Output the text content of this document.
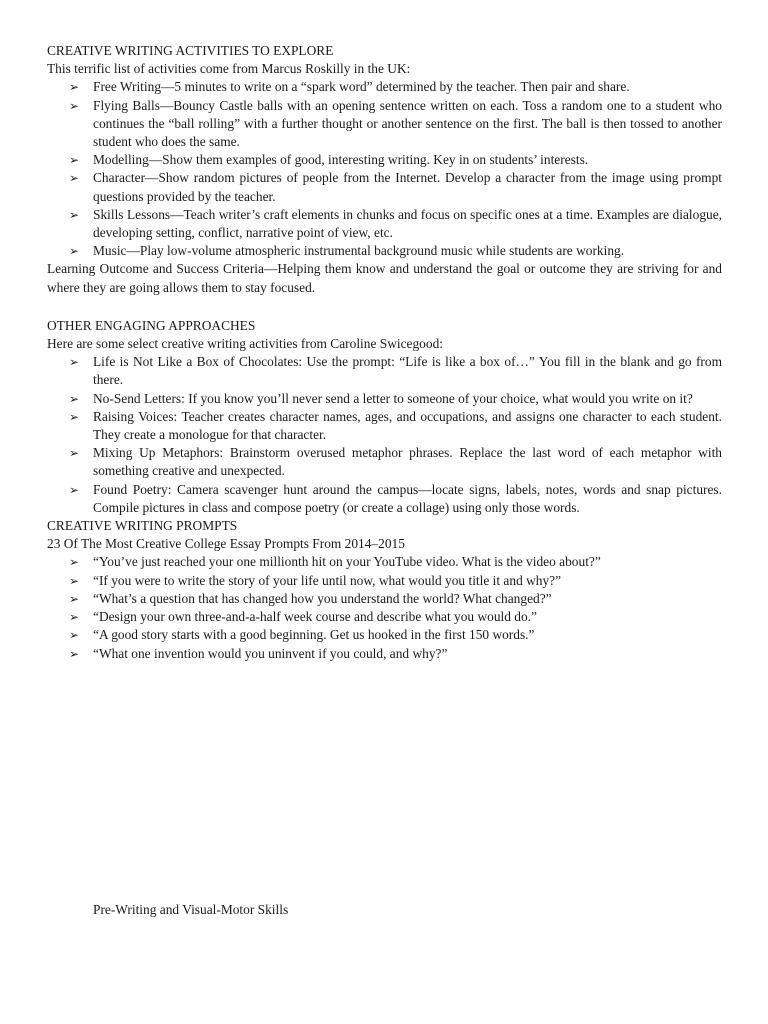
CREATIVE WRITING ACTIVITIES TO EXPLORE

This terrific list of activities come from Marcus Roskilly in the UK:

➢ Free Writing—5 minutes to write on a “spark word” determined by the teacher. Then pair and share.
➢ Flying Balls—Bouncy Castle balls with an opening sentence written on each. Toss a random one to a student who continues the “ball rolling” with a further thought or another sentence on the first. The ball is then tossed to another student who does the same.
➢ Modelling—Show them examples of good, interesting writing. Key in on students’ interests.
➢ Character—Show random pictures of people from the Internet. Develop a character from the image using prompt questions provided by the teacher.
➢ Skills Lessons—Teach writer’s craft elements in chunks and focus on specific ones at a time. Examples are dialogue, developing setting, conflict, narrative point of view, etc.
➢ Music—Play low-volume atmospheric instrumental background music while students are working.

Learning Outcome and Success Criteria—Helping them know and understand the goal or outcome they are striving for and where they are going allows them to stay focused.

OTHER ENGAGING APPROACHES

Here are some select creative writing activities from Caroline Swicegood:

➢ Life is Not Like a Box of Chocolates: Use the prompt: “Life is like a box of…” You fill in the blank and go from there.
➢ No-Send Letters: If you know you’ll never send a letter to someone of your choice, what would you write on it?
➢ Raising Voices: Teacher creates character names, ages, and occupations, and assigns one character to each student. They create a monologue for that character.
➢ Mixing Up Metaphors: Brainstorm overused metaphor phrases. Replace the last word of each metaphor with something creative and unexpected.
➢ Found Poetry: Camera scavenger hunt around the campus—locate signs, labels, notes, words and snap pictures. Compile pictures in class and compose poetry (or create a collage) using only those words.

CREATIVE WRITING PROMPTS

23 Of The Most Creative College Essay Prompts From 2014–2015

➢ “You’ve just reached your one millionth hit on your YouTube video. What is the video about?”
➢ “If you were to write the story of your life until now, what would you title it and why?”
➢ “What’s a question that has changed how you understand the world? What changed?”
➢ “Design your own three-and-a-half week course and describe what you would do.”
➢ “A good story starts with a good beginning. Get us hooked in the first 150 words.”
➢ “What one invention would you uninvent if you could, and why?”

Pre-Writing and Visual-Motor Skills
